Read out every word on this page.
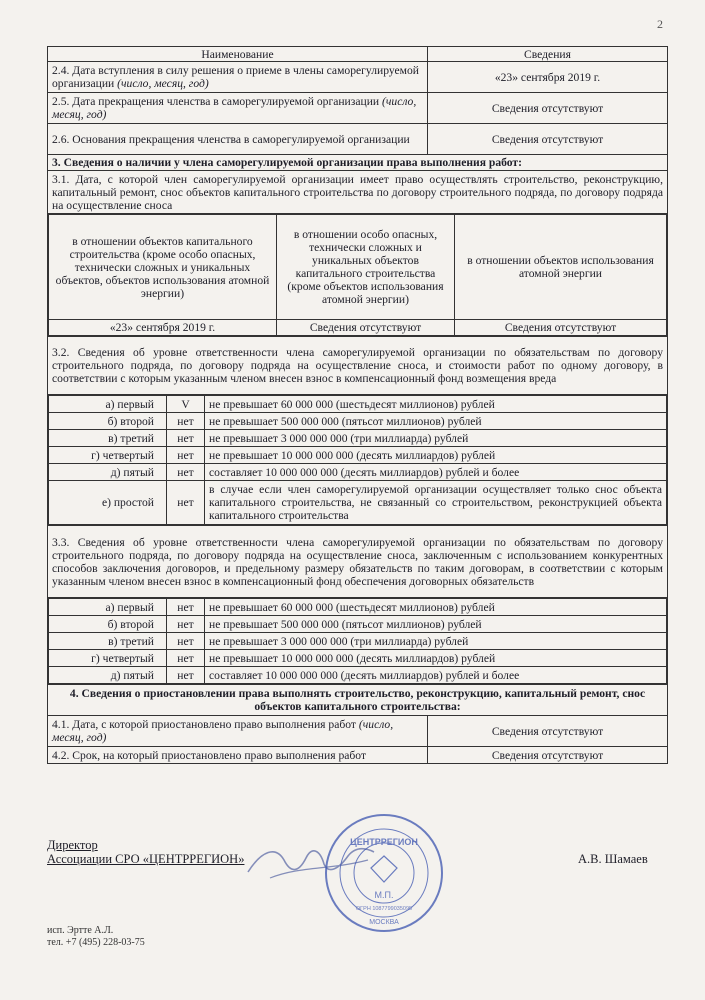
2
Наименование	Сведения
2.4. Дата вступления в силу решения о приеме в члены саморегулируемой организации (число, месяц, год)	«23» сентября 2019 г.
2.5. Дата прекращения членства в саморегулируемой организации (число, месяц, год)	Сведения отсутствуют
2.6. Основания прекращения членства в саморегулируемой организации	Сведения отсутствуют
3. Сведения о наличии у члена саморегулируемой организации права выполнения работ:
3.1. Дата, с которой член саморегулируемой организации имеет право осуществлять строительство, реконструкцию, капитальный ремонт, снос объектов капитального строительства по договору строительного подряда, по договору подряда на осуществление сноса

в отношении объектов капитального строительства (кроме особо опасных, технически сложных и уникальных объектов, объектов использования атомной энергии)	в отношении особо опасных, технически сложных и уникальных объектов капитального строительства (кроме объектов использования атомной энергии)	в отношении объектов использования атомной энергии
«23» сентября 2019 г.	Сведения отсутствуют	Сведения отсутствуют

3.2. Сведения об уровне ответственности члена саморегулируемой организации по обязательствам по договору строительного подряда, по договору подряда на осуществление сноса, и стоимости работ по одному договору, в соответствии с которым указанным членом внесен взнос в компенсационный фонд возмещения вреда

а) первый	V	не превышает 60 000 000 (шестьдесят миллионов) рублей
б) второй	нет	не превышает 500 000 000 (пятьсот миллионов) рублей
в) третий	нет	не превышает 3 000 000 000 (три миллиарда) рублей
г) четвертый	нет	не превышает 10 000 000 000 (десять миллиардов) рублей
д) пятый	нет	составляет 10 000 000 000 (десять миллиардов) рублей и более
е) простой	нет	в случае если член саморегулируемой организации осуществляет только снос объекта капитального строительства, не связанный со строительством, реконструкцией объекта капитального строительства

3.3. Сведения об уровне ответственности члена саморегулируемой организации по обязательствам по договору строительного подряда, по договору подряда на осуществление сноса, заключенным с использованием конкурентных способов заключения договоров, и предельному размеру обязательств по таким договорам, в соответствии с которым указанным членом внесен взнос в компенсационный фонд обеспечения договорных обязательств

а) первый	нет	не превышает 60 000 000 (шестьдесят миллионов) рублей
б) второй	нет	не превышает 500 000 000 (пятьсот миллионов) рублей
в) третий	нет	не превышает 3 000 000 000 (три миллиарда) рублей
г) четвертый	нет	не превышает 10 000 000 000 (десять миллиардов) рублей
д) пятый	нет	составляет 10 000 000 000 (десять миллиардов) рублей и более

4. Сведения о приостановлении права выполнять строительство, реконструкцию, капитальный ремонт, снос объектов капитального строительства:
4.1. Дата, с которой приостановлено право выполнения работ (число, месяц, год)	Сведения отсутствуют
4.2. Срок, на который приостановлено право выполнения работ	Сведения отсутствуют
Директор
Ассоциации СРО «ЦЕНТРРЕГИОН»	А.В. Шамаев
ЦЕНТРРЕГИОН
М.П.
ОГРН 1087799035095
МОСКВА
исп. Эртте А.Л.
тел. +7 (495) 228-03-75
